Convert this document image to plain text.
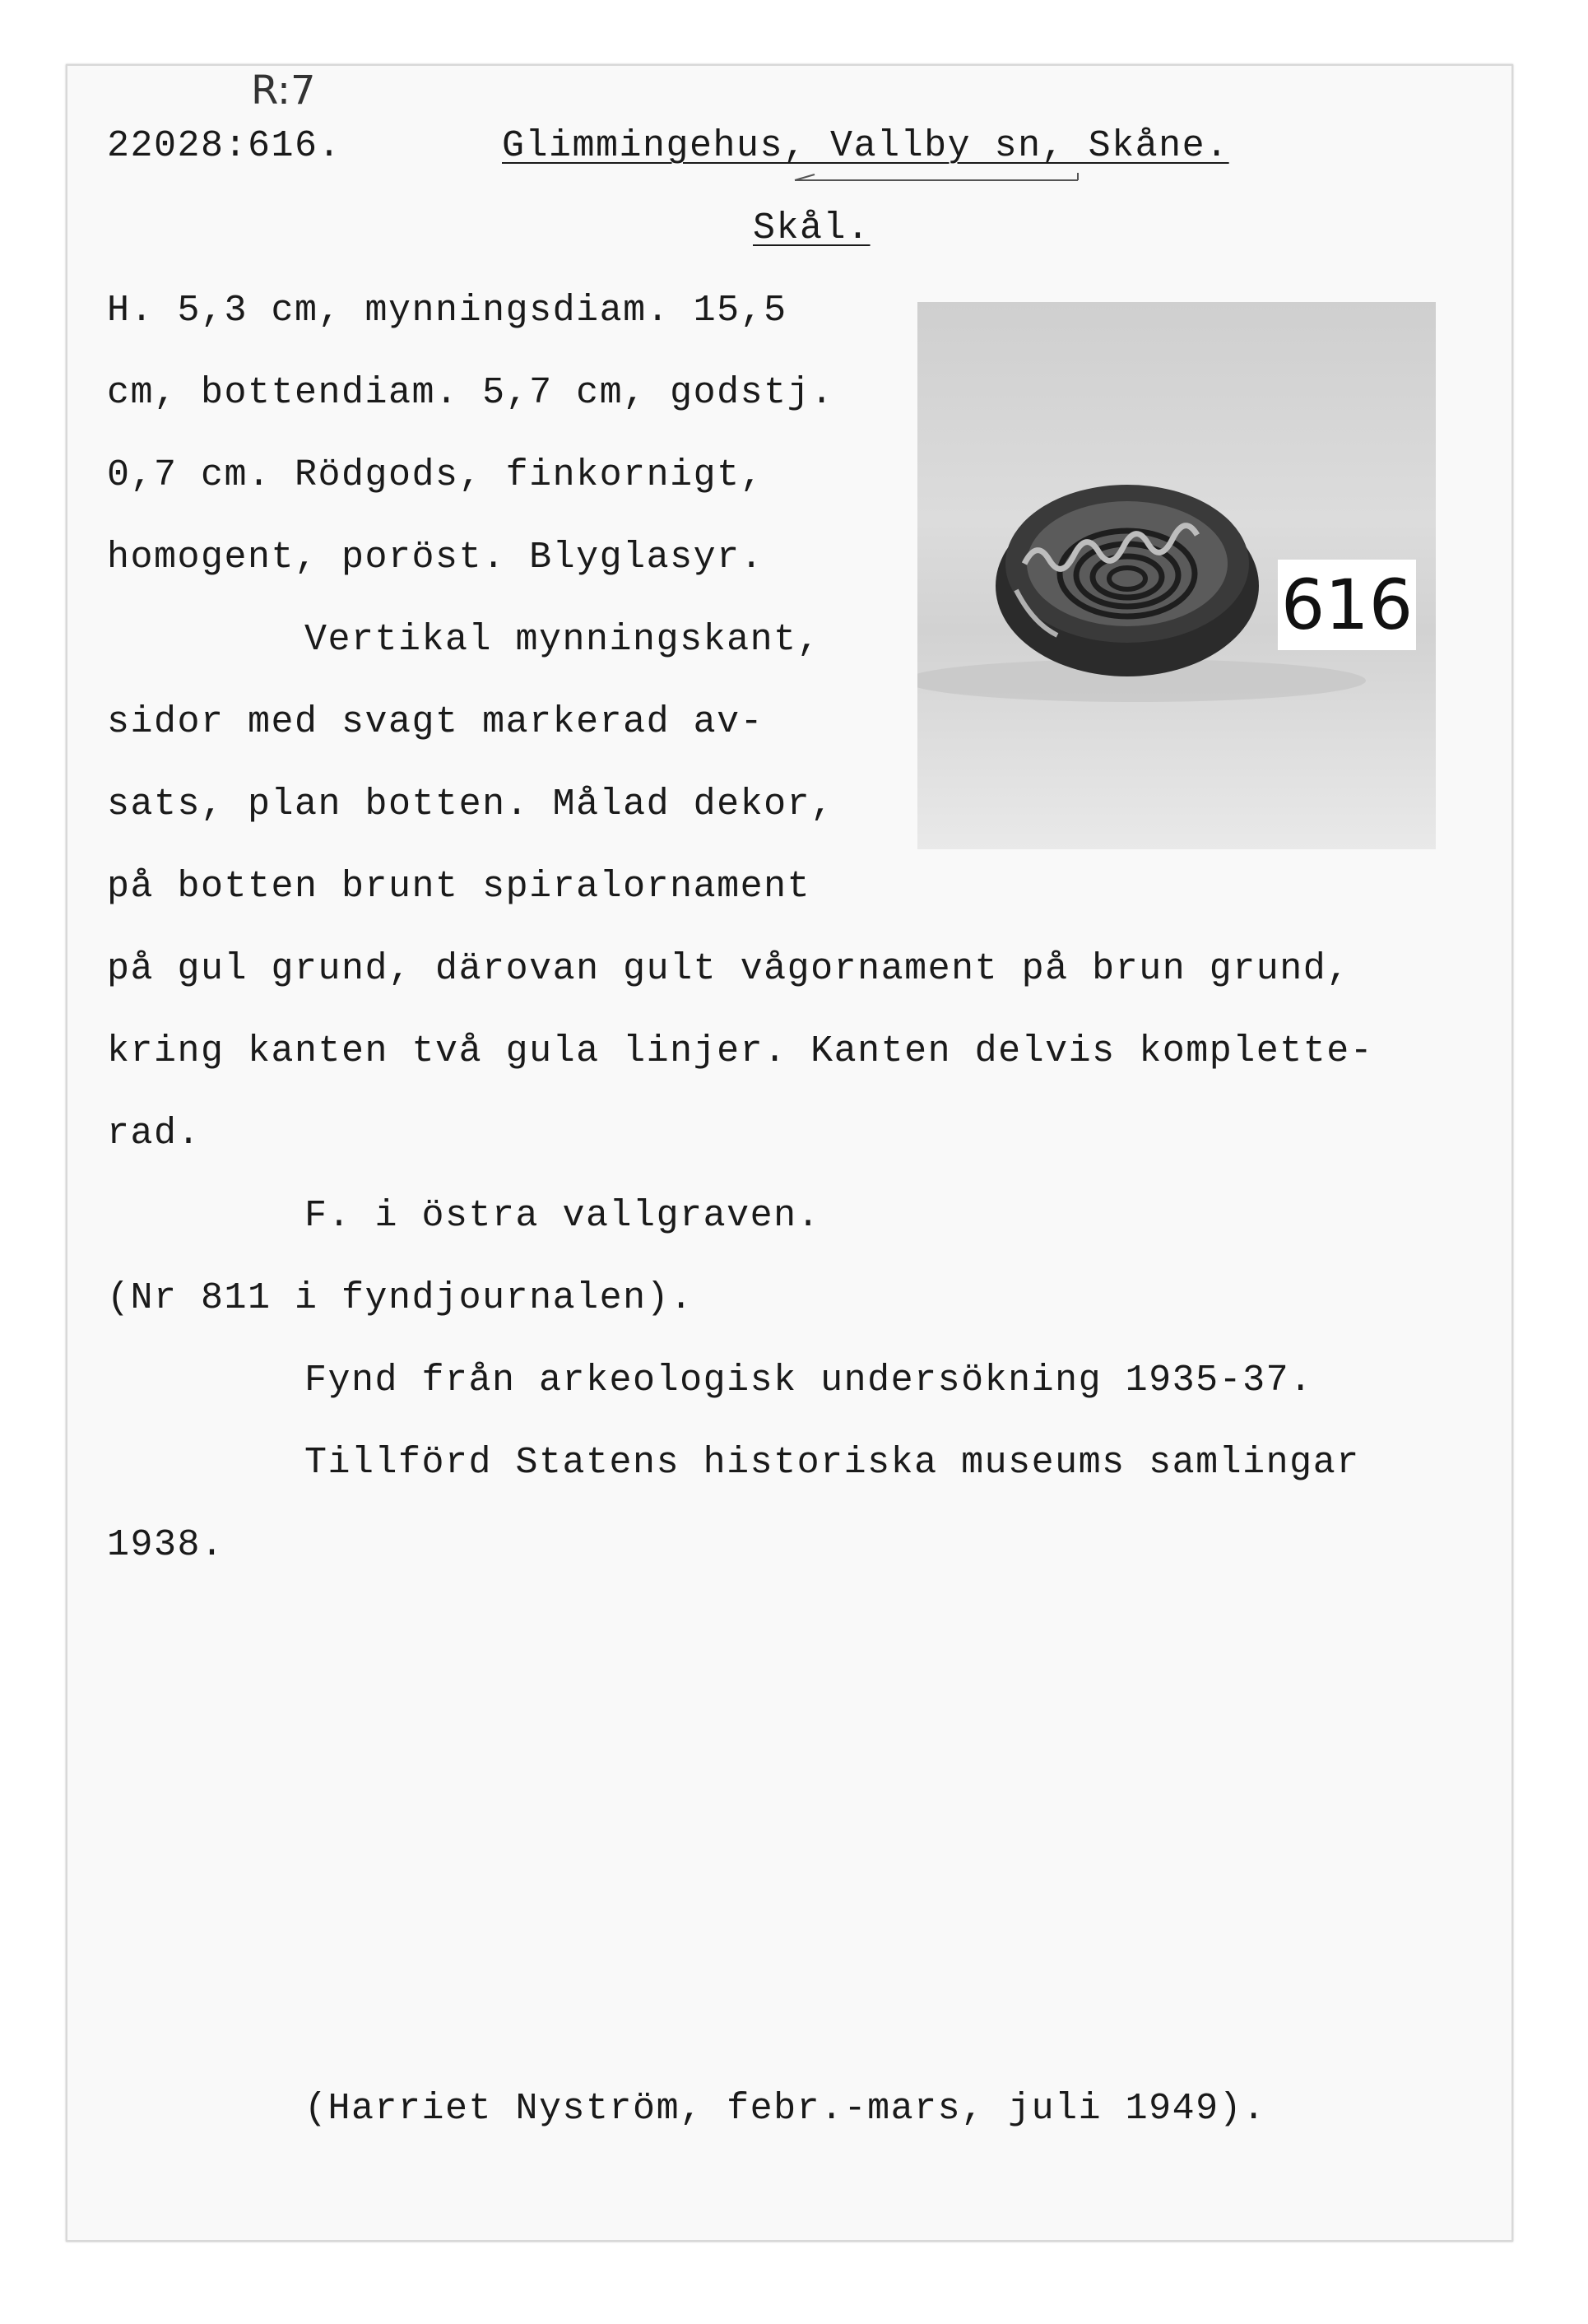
R:7
22028:616.	Glimmingehus, Vallby sn, Skåne.
Skål.
H. 5,3 cm, mynningsdiam. 15,5
cm, bottendiam. 5,7 cm, godstj.
0,7 cm. Rödgods, finkornigt,
homogent, poröst. Blyglasyr.
Vertikal mynningskant,
sidor med svagt markerad av-
sats, plan botten. Målad dekor,
på botten brunt spiralornament
på gul grund, därovan gult vågornament på brun grund,
kring kanten två gula linjer. Kanten delvis komplette-
rad.
F. i östra vallgraven.
(Nr 811 i fyndjournalen).
Fynd från arkeologisk undersökning 1935-37.
Tillförd Statens historiska museums samlingar
1938.
(Harriet Nyström, febr.-mars, juli 1949).
616
